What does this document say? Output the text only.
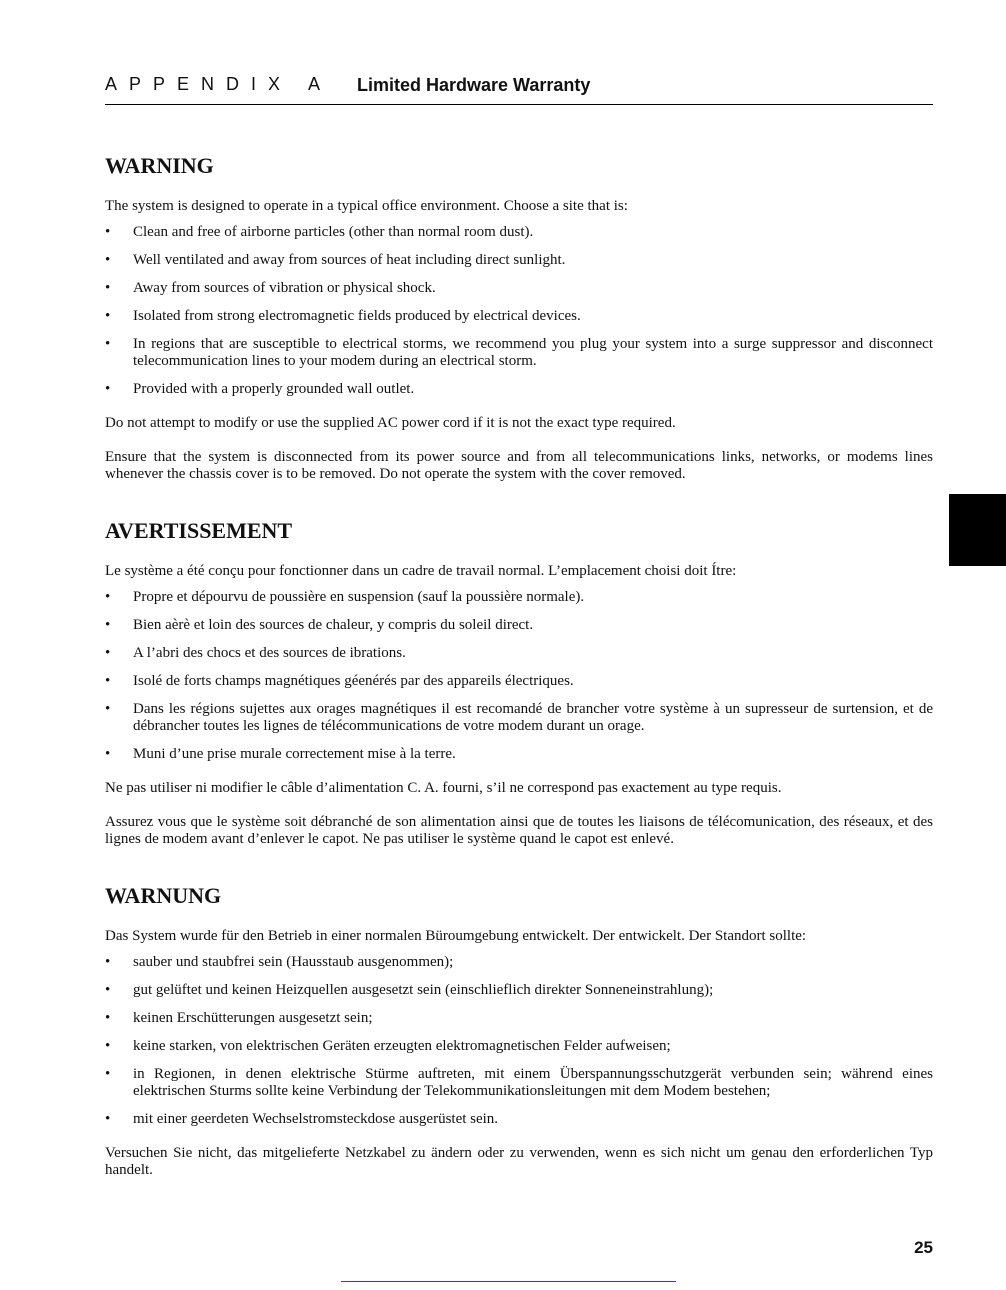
APPENDIX A Limited Hardware Warranty
WARNING

The system is designed to operate in a typical office environment. Choose a site that is:

• Clean and free of airborne particles (other than normal room dust).
• Well ventilated and away from sources of heat including direct sunlight.
• Away from sources of vibration or physical shock.
• Isolated from strong electromagnetic fields produced by electrical devices.
• In regions that are susceptible to electrical storms, we recommend you plug your system into a surge suppressor and disconnect telecommunication lines to your modem during an electrical storm.
• Provided with a properly grounded wall outlet.

Do not attempt to modify or use the supplied AC power cord if it is not the exact type required.

Ensure that the system is disconnected from its power source and from all telecommunications links, networks, or modems lines whenever the chassis cover is to be removed. Do not operate the system with the cover removed.

AVERTISSEMENT

Le système a été conçu pour fonctionner dans un cadre de travail normal. L’emplacement choisi doit Ítre:

• Propre et dépourvu de poussière en suspension (sauf la poussière normale).
• Bien aèrè et loin des sources de chaleur, y compris du soleil direct.
• A l’abri des chocs et des sources de ibrations.
• Isolé de forts champs magnétiques géenérés par des appareils électriques.
• Dans les régions sujettes aux orages magnétiques il est recomandé de brancher votre système à un supresseur de surtension, et de débrancher toutes les lignes de télécommunications de votre modem durant un orage.
• Muni d’une prise murale correctement mise à la terre.

Ne pas utiliser ni modifier le câble d’alimentation C. A. fourni, s’il ne correspond pas exactement au type requis.

Assurez vous que le système soit débranché de son alimentation ainsi que de toutes les liaisons de télécomunication, des réseaux, et des lignes de modem avant d’enlever le capot. Ne pas utiliser le système quand le capot est enlevé.

WARNUNG

Das System wurde für den Betrieb in einer normalen Büroumgebung entwickelt. Der entwickelt. Der Standort sollte:

• sauber und staubfrei sein (Hausstaub ausgenommen);
• gut gelüftet und keinen Heizquellen ausgesetzt sein (einschlieflich direkter Sonneneinstrahlung);
• keinen Erschütterungen ausgesetzt sein;
• keine starken, von elektrischen Geräten erzeugten elektromagnetischen Felder aufweisen;
• in Regionen, in denen elektrische Stürme auftreten, mit einem Überspannungsschutzgerät verbunden sein; während eines elektrischen Sturms sollte keine Verbindung der Telekommunikationsleitungen mit dem Modem bestehen;
• mit einer geerdeten Wechselstromsteckdose ausgerüstet sein.

Versuchen Sie nicht, das mitgelieferte Netzkabel zu ändern oder zu verwenden, wenn es sich nicht um genau den erforderlichen Typ handelt.

25
